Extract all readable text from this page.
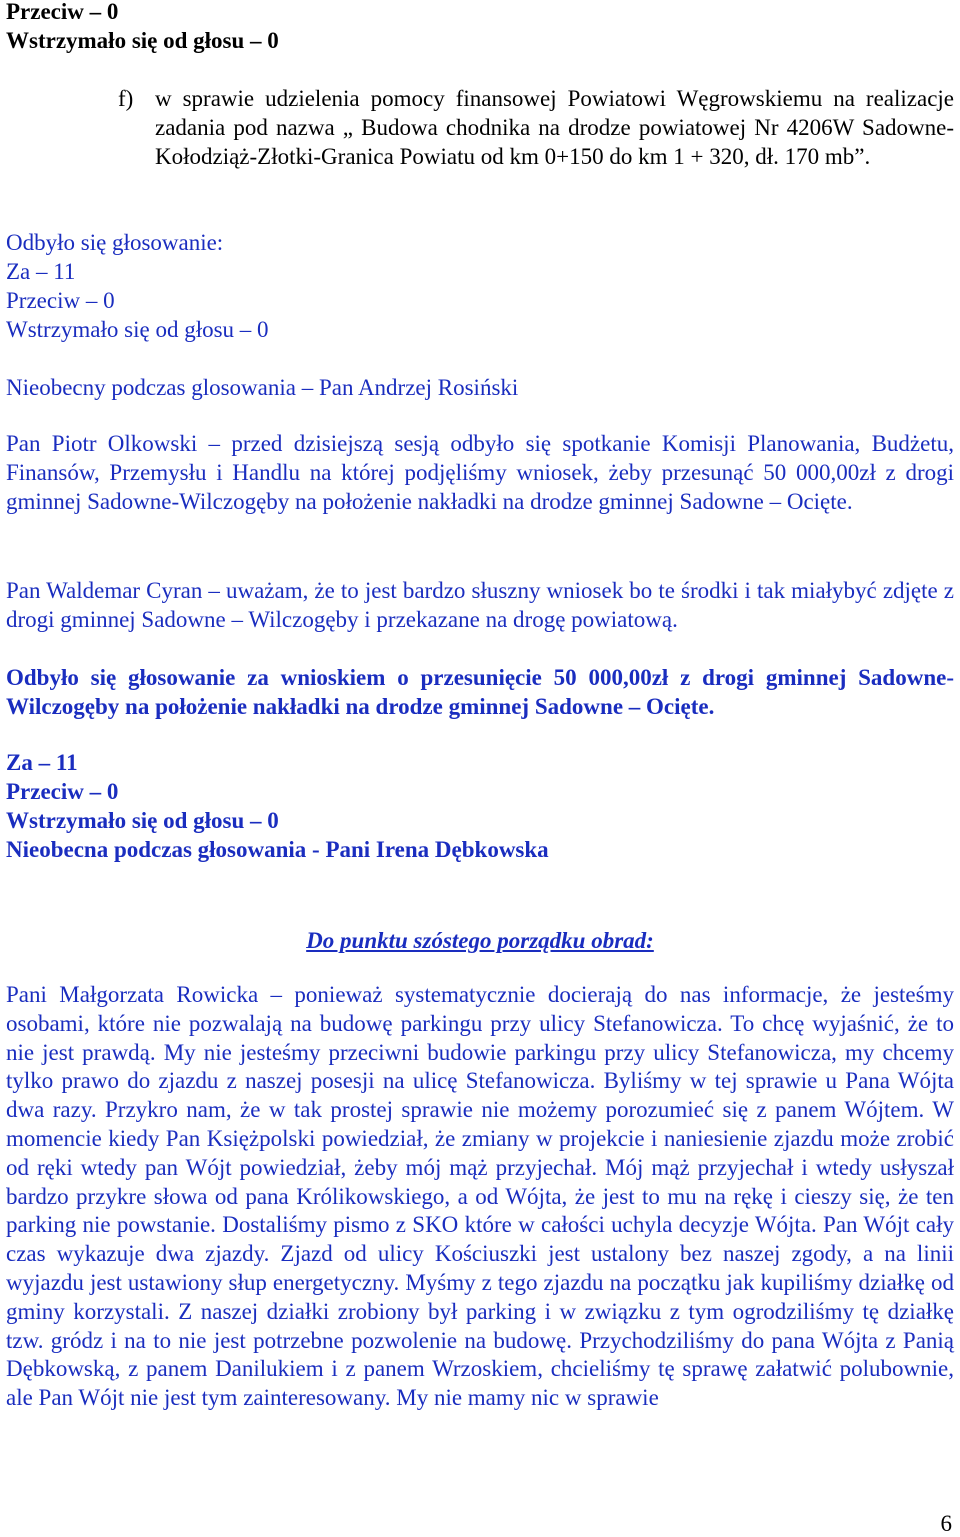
Przeciw – 0
Wstrzymało się od głosu – 0
f) w sprawie udzielenia pomocy finansowej Powiatowi Węgrowskiemu na realizacje zadania pod nazwa „ Budowa chodnika na drodze powiatowej Nr 4206W Sadowne-Kołodziąż-Złotki-Granica Powiatu od km 0+150 do km 1 + 320, dł. 170 mb”.
Odbyło się głosowanie:
Za – 11
Przeciw – 0
Wstrzymało się od głosu – 0
Nieobecny podczas glosowania – Pan Andrzej Rosiński
Pan Piotr Olkowski – przed dzisiejszą sesją odbyło się spotkanie Komisji Planowania, Budżetu, Finansów, Przemysłu i Handlu na której podjęliśmy wniosek, żeby przesunąć 50 000,00zł z drogi gminnej Sadowne-Wilczogęby na położenie nakładki na drodze gminnej Sadowne – Ocięte.
Pan Waldemar Cyran – uważam, że to jest bardzo słuszny wniosek bo te środki i tak miałybyć zdjęte z drogi gminnej Sadowne – Wilczogęby i przekazane na drogę powiatową.
Odbyło się głosowanie za wnioskiem o przesunięcie 50 000,00zł z drogi gminnej Sadowne-Wilczogęby na położenie nakładki na drodze gminnej Sadowne – Ocięte.
Za – 11
Przeciw – 0
Wstrzymało się od głosu – 0
Nieobecna podczas głosowania - Pani Irena Dębkowska
Do punktu szóstego porządku obrad:
Pani Małgorzata Rowicka – ponieważ systematycznie docierają do nas informacje, że jesteśmy osobami, które nie pozwalają na budowę parkingu przy ulicy Stefanowicza. To chcę wyjaśnić, że to nie jest prawdą. My nie jesteśmy przeciwni budowie parkingu przy ulicy Stefanowicza, my chcemy tylko prawo do zjazdu z naszej posesji na ulicę Stefanowicza. Byliśmy w tej sprawie u Pana Wójta dwa razy. Przykro nam, że w tak prostej sprawie nie możemy porozumieć się z panem Wójtem. W momencie kiedy Pan Księżpolski powiedział, że zmiany w projekcie i naniesienie zjazdu może zrobić od ręki wtedy pan Wójt powiedział, żeby mój mąż przyjechał. Mój mąż przyjechał i wtedy usłyszał bardzo przykre słowa od pana Królikowskiego, a od Wójta, że jest to mu na rękę i cieszy się, że ten parking nie powstanie. Dostaliśmy pismo z SKO które w całości uchyla decyzje Wójta. Pan Wójt cały czas wykazuje dwa zjazdy. Zjazd od ulicy Kościuszki jest ustalony bez naszej zgody, a na linii wyjazdu jest ustawiony słup energetyczny. Myśmy z tego zjazdu na początku jak kupiliśmy działkę od gminy korzystali. Z naszej działki zrobiony był parking i w związku z tym ogrodziliśmy tę działkę tzw. gródz i na to nie jest potrzebne pozwolenie na budowę. Przychodziliśmy do pana Wójta z Panią Dębkowską, z panem Danilukiem i z panem Wrzoskiem, chcieliśmy tę sprawę załatwić polubownie, ale Pan Wójt nie jest tym zainteresowany. My nie mamy nic w sprawie
6
